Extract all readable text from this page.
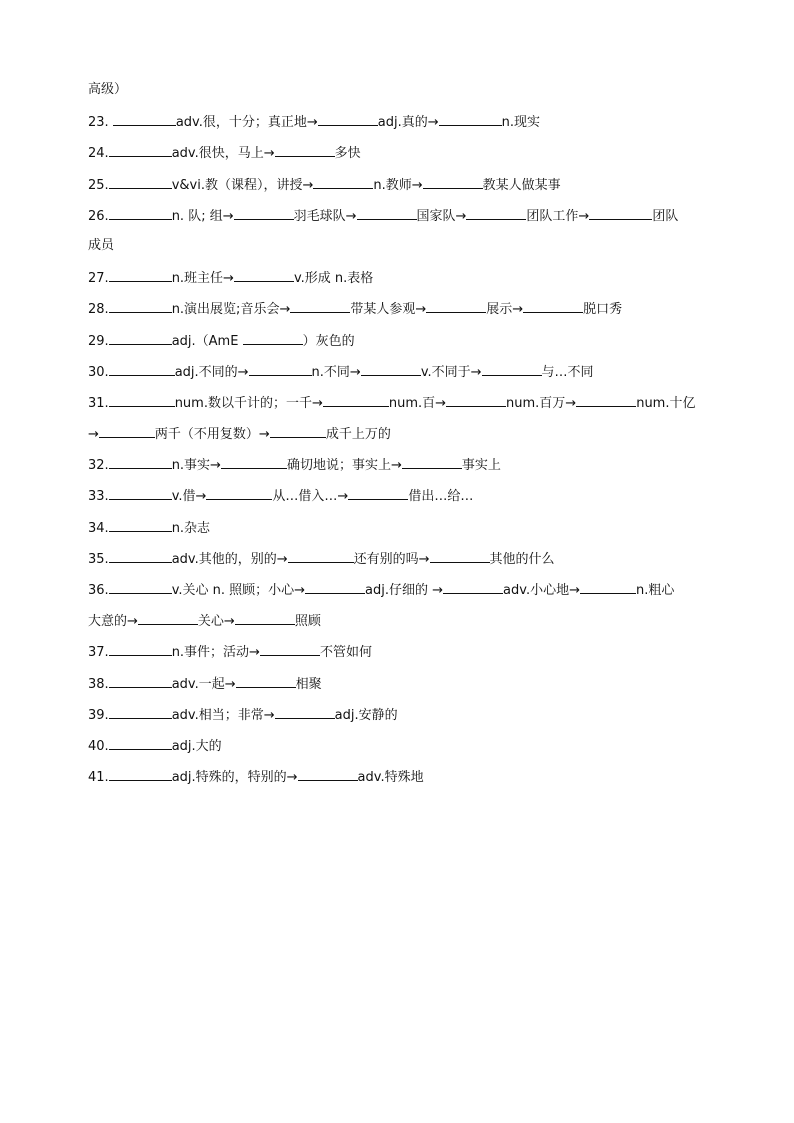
高级）
23.	adv.很，十分；真正地→	adj.真的→	n.现实
24.	adv.很快，马上→	多快
25.	v&vi.教（课程），讲授→	n.教师→	教某人做某事
26.	n. 队; 组→	羽毛球队→	国家队→	团队工作→	团队
成员
27.	n.班主任→	v.形成 n.表格
28.	n.演出展览;音乐会→	带某人参观→	展示→	脱口秀
29.	adj.（AmE	）灰色的
30.	adj.不同的→	n.不同→	v.不同于→	与…不同
31.	num.数以千计的；一千→	num.百→	num.百万→	num.十亿
→	两千（不用复数）→	成千上万的
32.	n.事实→	确切地说；事实上→	事实上
33.	v.借→	从…借入…→	借出…给…
34.	n.杂志
35.	adv.其他的，别的→	还有别的吗→	其他的什么
36.	v.关心 n. 照顾；小心→	adj.仔细的 →	adv.小心地→	n.粗心
大意的→	关心→	照顾
37.	n.事件；活动→	不管如何
38.	adv.一起→	相聚
39.	adv.相当；非常→	adj.安静的
40.	adj.大的
41.	adj.特殊的，特别的→	adv.特殊地
